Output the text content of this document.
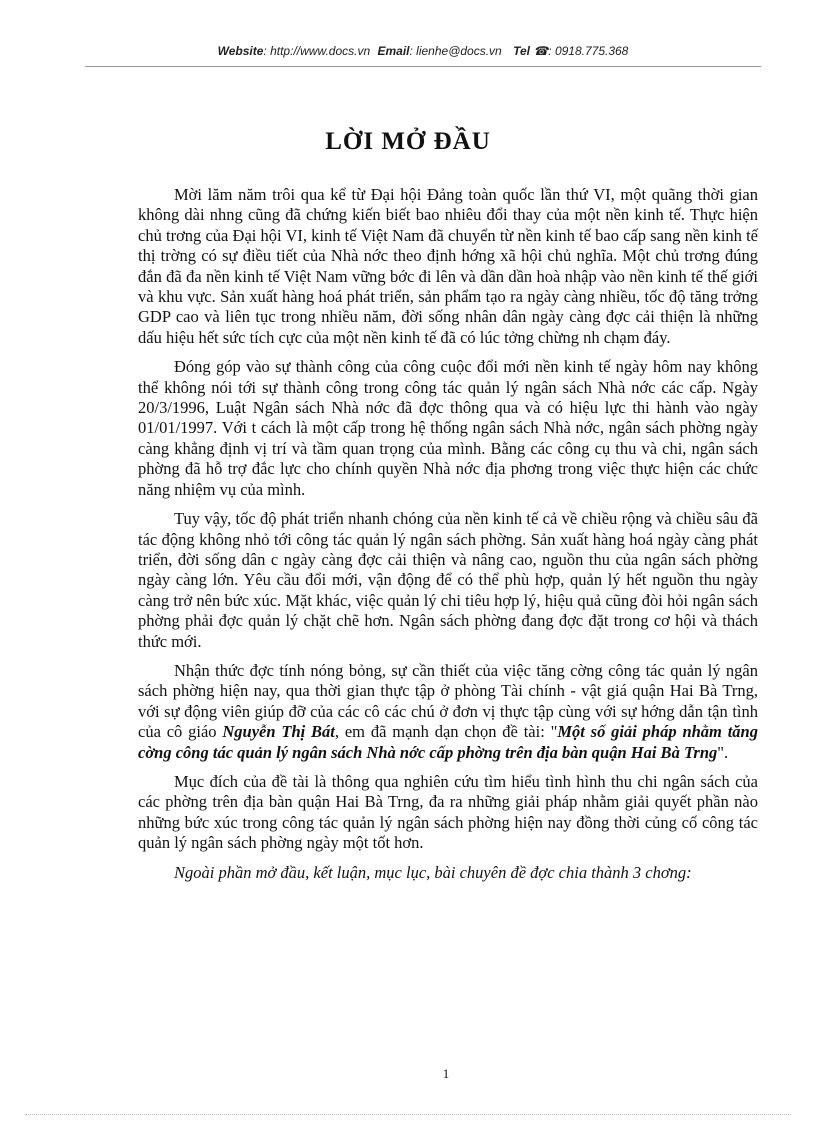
Website: http://www.docs.vn Email: lienhe@docs.vn Tel ☎: 0918.775.368
LỜI MỞ ĐẦU

Mời lăm năm trôi qua kể từ Đại hội Đảng toàn quốc lần thứ VI, một quãng thời gian không dài nhng cũng đã chứng kiến biết bao nhiêu đổi thay của một nền kinh tế. Thực hiện chủ trơng của Đại hội VI, kinh tế Việt Nam đã chuyển từ nền kinh tế bao cấp sang nền kinh tế thị trờng có sự điều tiết của Nhà nớc theo định hớng xã hội chủ nghĩa. Một chủ trơng đúng đắn đã đa nền kinh tế Việt Nam vững bớc đi lên và dần dần hoà nhập vào nền kinh tế thế giới và khu vực. Sản xuất hàng hoá phát triển, sản phẩm tạo ra ngày càng nhiều, tốc độ tăng trởng GDP cao và liên tục trong nhiều năm, đời sống nhân dân ngày càng đợc cải thiện là những dấu hiệu hết sức tích cực của một nền kinh tế đã có lúc tởng chừng nh chạm đáy.

Đóng góp vào sự thành công của công cuộc đổi mới nền kinh tế ngày hôm nay không thể không nói tới sự thành công trong công tác quản lý ngân sách Nhà nớc các cấp. Ngày 20/3/1996, Luật Ngân sách Nhà nớc đã đợc thông qua và có hiệu lực thi hành vào ngày 01/01/1997. Với t cách là một cấp trong hệ thống ngân sách Nhà nớc, ngân sách phờng ngày càng khẳng định vị trí và tầm quan trọng của mình. Bằng các công cụ thu và chi, ngân sách phờng đã hỗ trợ đắc lực cho chính quyền Nhà nớc địa phơng trong việc thực hiện các chức năng nhiệm vụ của mình.

Tuy vậy, tốc độ phát triển nhanh chóng của nền kinh tế cả về chiều rộng và chiều sâu đã tác động không nhỏ tới công tác quản lý ngân sách phờng. Sản xuất hàng hoá ngày càng phát triển, đời sống dân c ngày càng đợc cải thiện và nâng cao, nguồn thu của ngân sách phờng ngày càng lớn. Yêu cầu đổi mới, vận động để có thể phù hợp, quản lý hết nguồn thu ngày càng trở nên bức xúc. Mặt khác, việc quản lý chi tiêu hợp lý, hiệu quả cũng đòi hỏi ngân sách phờng phải đợc quản lý chặt chẽ hơn. Ngân sách phờng đang đợc đặt trong cơ hội và thách thức mới.

Nhận thức đợc tính nóng bỏng, sự cần thiết của việc tăng cờng công tác quản lý ngân sách phờng hiện nay, qua thời gian thực tập ở phòng Tài chính - vật giá quận Hai Bà Trng, với sự động viên giúp đỡ của các cô các chú ở đơn vị thực tập cùng với sự hớng dẫn tận tình của cô giáo Nguyễn Thị Bát, em đã mạnh dạn chọn đề tài: "Một số giải pháp nhằm tăng cờng công tác quản lý ngân sách Nhà nớc cấp phờng trên địa bàn quận Hai Bà Trng".

Mục đích của đề tài là thông qua nghiên cứu tìm hiểu tình hình thu chi ngân sách của các phờng trên địa bàn quận Hai Bà Trng, đa ra những giải pháp nhằm giải quyết phần nào những bức xúc trong công tác quản lý ngân sách phờng hiện nay đồng thời củng cố công tác quản lý ngân sách phờng ngày một tốt hơn.

Ngoài phần mở đầu, kết luận, mục lục, bài chuyên đề đợc chia thành 3 chơng:

1
